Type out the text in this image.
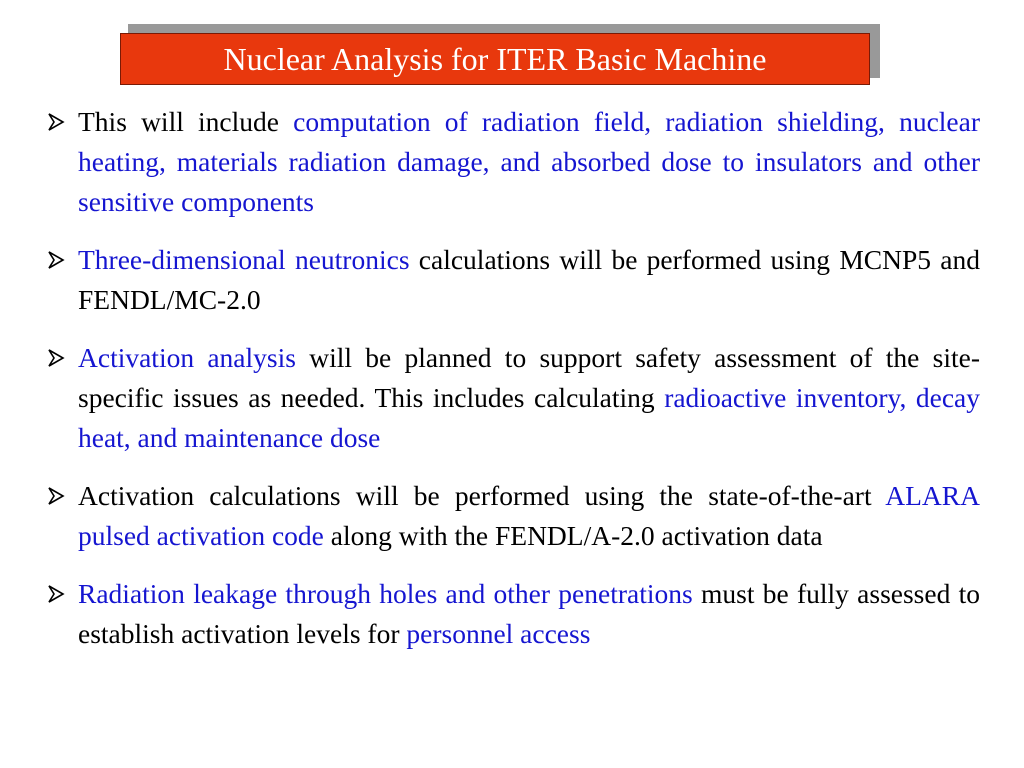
Nuclear Analysis for ITER Basic Machine
This will include computation of radiation field, radiation shielding, nuclear heating, materials radiation damage, and absorbed dose to insulators and other sensitive components
Three-dimensional neutronics calculations will be performed using MCNP5 and FENDL/MC-2.0
Activation analysis will be planned to support safety assessment of the site-specific issues as needed. This includes calculating radioactive inventory, decay heat, and maintenance dose
Activation calculations will be performed using the state-of-the-art ALARA pulsed activation code along with the FENDL/A-2.0 activation data
Radiation leakage through holes and other penetrations must be fully assessed to establish activation levels for personnel access
